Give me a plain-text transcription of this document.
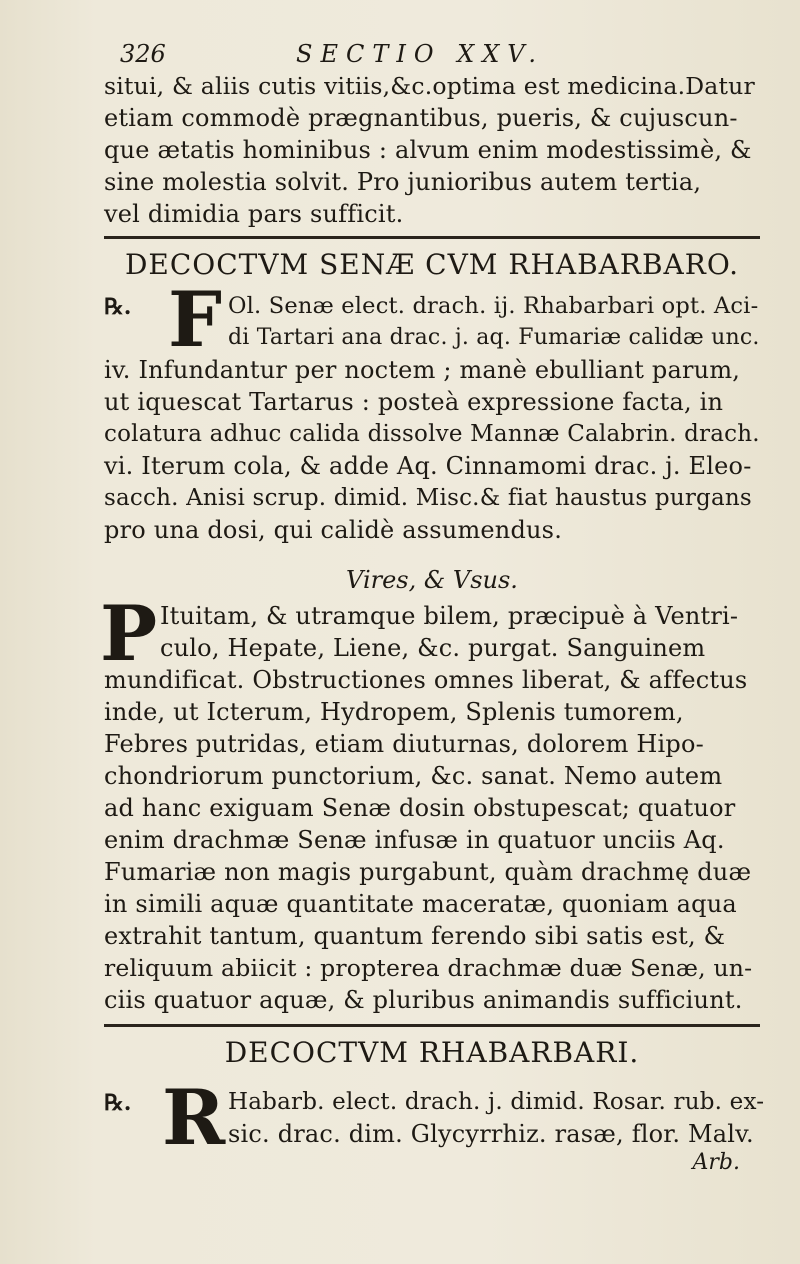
326	SECTIO XXV.
situi, & aliis cutis vitiis,&c.optima est medicina.Datur
etiam commodè prægnantibus, pueris, & cujuscun-
que ætatis hominibus : alvum enim modestissimè, &
sine molestia solvit. Pro junioribus autem tertia,
vel dimidia pars sufficit.
DECOCTVM SENÆ CVM RHABARBARO.
℞. F Ol. Senæ elect. drach. ij. Rhabarbari opt. Aci-
di Tartari ana drac. j. aq. Fumariæ calidæ unc.
iv. Infundantur per noctem ; manè ebulliant parum,
ut iquescat Tartarus : posteà expressione facta, in
colatura adhuc calida dissolve Mannæ Calabrin. drach.
vi. Iterum cola, & adde Aq. Cinnamomi drac. j. Eleo-
sacch. Anisi scrup. dimid. Misc.& fiat haustus purgans
pro una dosi, qui calidè assumendus.
Vires, & Vsus.
P Ituitam, & utramque bilem, præcipuè à Ventri-
culo, Hepate, Liene, &c. purgat. Sanguinem
mundificat. Obstructiones omnes liberat, & affectus
inde, ut Icterum, Hydropem, Splenis tumorem,
Febres putridas, etiam diuturnas, dolorem Hipo-
chondriorum punctorium, &c. sanat. Nemo autem
ad hanc exiguam Senæ dosin obstupescat; quatuor
enim drachmæ Senæ infusæ in quatuor unciis Aq.
Fumariæ non magis purgabunt, quàm drachmę duæ
in simili aquæ quantitate maceratæ, quoniam aqua
extrahit tantum, quantum ferendo sibi satis est, &
reliquum abiicit : propterea drachmæ duæ Senæ, un-
ciis quatuor aquæ, & pluribus animandis sufficiunt.
DECOCTVM RHABARBARI.
℞. R Habarb. elect. drach. j. dimid. Rosar. rub. ex-
sic. drac. dim. Glycyrrhiz. rasæ, flor. Malv.
Arb.
